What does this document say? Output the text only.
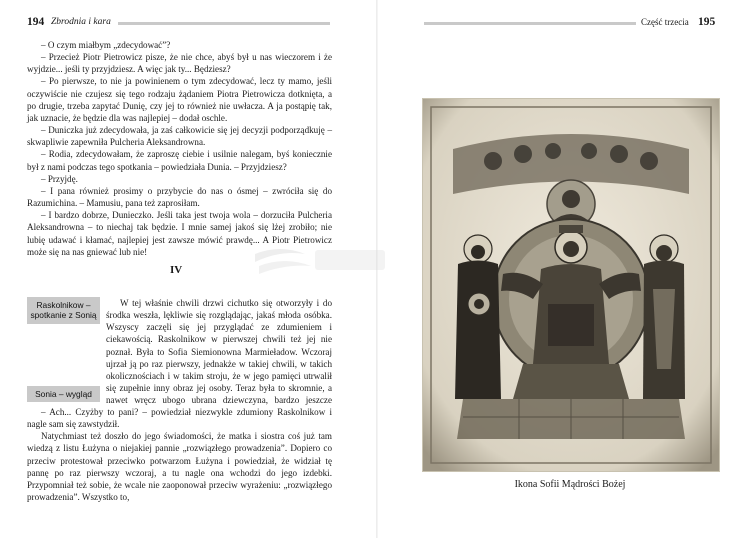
194 Zbrodnia i kara

– O czym miałbym „zdecydować”?

– Przecież Piotr Pietrowicz pisze, że nie chce, abyś był u nas wieczorem i że wyjdzie... jeśli ty przyjdziesz. A więc jak ty... Będziesz?

– Po pierwsze, to nie ja powinienem o tym zdecydować, lecz ty mamo, jeśli oczywiście nie czujesz się tego rodzaju żądaniem Piotra Pietrowicza dotknięta, a po drugie, trzeba zapytać Dunię, czy jej to również nie uwłacza. A ja postąpię tak, jak uznacie, że będzie dla was najlepiej – dodał oschle.

– Duniczka już zdecydowała, ja zaś całkowicie się jej decyzji podporządkuję – skwapliwie zapewniła Pulcheria Aleksandrowna.

– Rodia, zdecydowałam, że zaproszę ciebie i usilnie nalegam, byś koniecznie był z nami podczas tego spotkania – powiedziała Dunia. – Przyjdziesz?

– Przyjdę.

– I pana również prosimy o przybycie do nas o ósmej – zwróciła się do Razumichina. – Mamusiu, pana też zaprosiłam.

– I bardzo dobrze, Dunieczko. Jeśli taka jest twoja wola – dorzuciła Pulcheria Aleksandrowna – to niechaj tak będzie. I mnie samej jakoś się lżej zrobiło; nie lubię udawać i kłamać, najlepiej jest zawsze mówić prawdę... A Piotr Pietrowicz może się na nas gniewać lub nie!

IV
Raskolnikow – spotkanie z Sonią
Sonia – wygląd

W tej właśnie chwili drzwi cichutko się otworzyły i do środka weszła, lękliwie się rozglądając, jakaś młoda osóbka. Wszyscy zaczęli się jej przyglądać ze zdumieniem i ciekawością. Raskolnikow w pierwszej chwili też jej nie poznał. Była to Sofia Siemionowna Marmieładow. Wczoraj ujrzał ją po raz pierwszy, jednakże w takiej chwili, w takich okolicznościach i w takim stroju, że w jego pamięci utrwalił się zupełnie inny obraz jej osoby. Teraz była to skromnie, a nawet wręcz ubogo ubrana dziewczyna, bardzo jeszcze

– Ach... Czyżby to pani? – powiedział niezwykle zdumiony Raskolnikow i nagle sam się zawstydził.

Natychmiast też doszło do jego świadomości, że matka i siostra coś już tam wiedzą z listu Łużyna o niejakiej pannie „rozwiązłego prowadzenia”. Dopiero co przeciw protestował przeciwko potwarzom Łużyna i powiedział, że widział tę pannę po raz pierwszy wczoraj, a tu nagle ona wchodzi do jego izdebki. Przypomniał też sobie, że wcale nie zaoponował przeciw wyrażeniu: „rozwiązłego prowadzenia”. Wszystko to,

Część trzecia 195
Ikona Sofii Mądrości Bożej
